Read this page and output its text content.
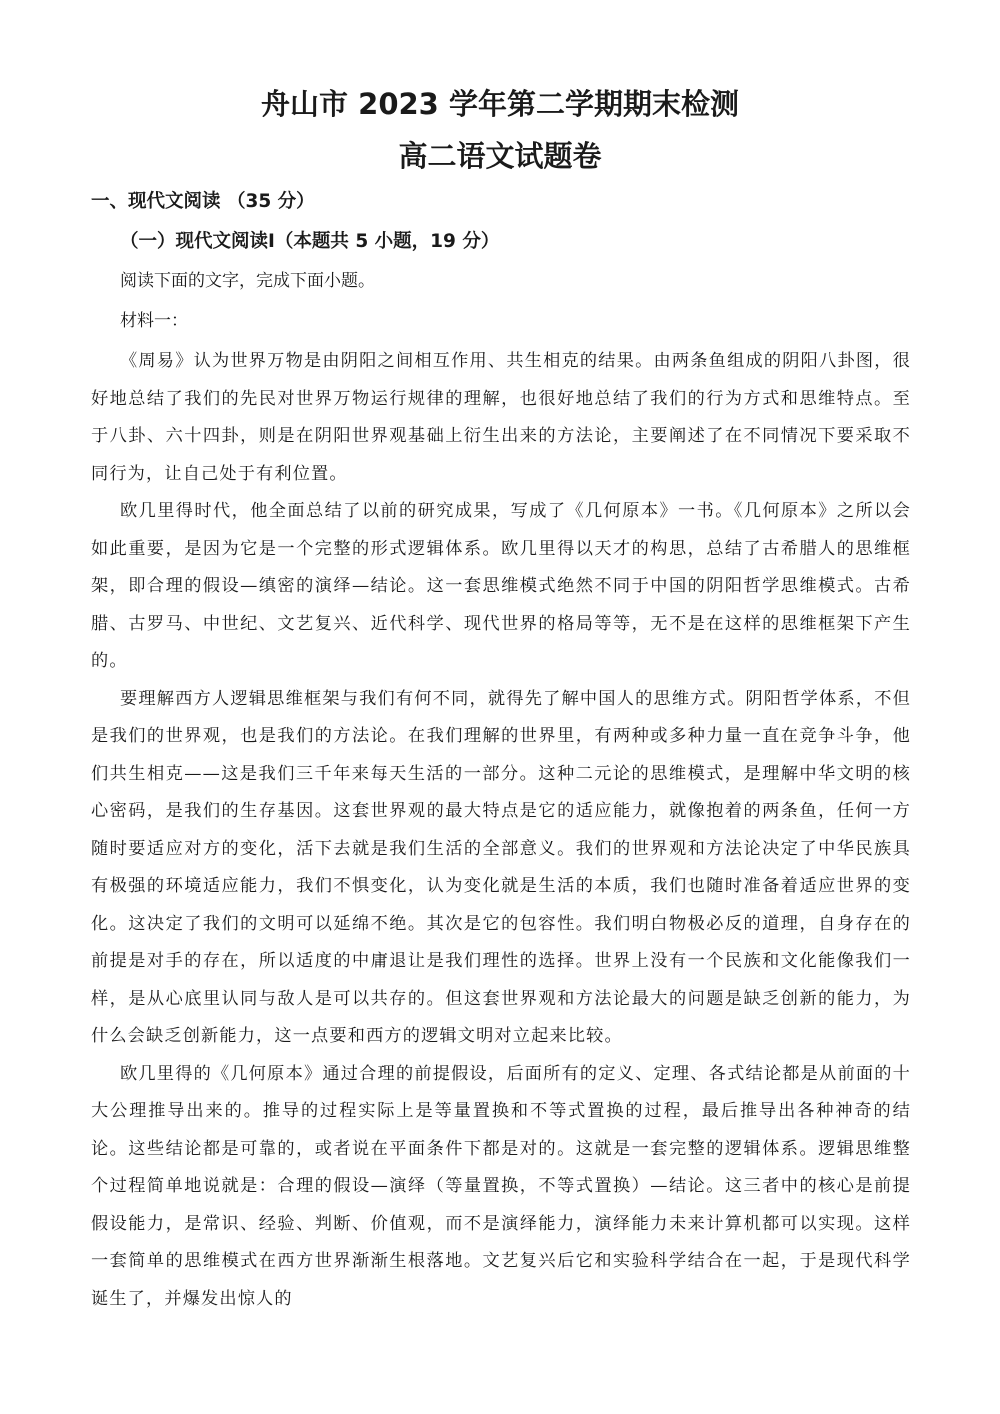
舟山市 2023 学年第二学期期末检测
高二语文试题卷
一、现代文阅读 （35 分）
（一）现代文阅读Ⅰ（本题共 5 小题，19 分）

阅读下面的文字，完成下面小题。

材料一：

《周易》认为世界万物是由阴阳之间相互作用、共生相克的结果。由两条鱼组成的阴阳八卦图，很好地总结了我们的先民对世界万物运行规律的理解，也很好地总结了我们的行为方式和思维特点。至于八卦、六十四卦，则是在阴阳世界观基础上衍生出来的方法论，主要阐述了在不同情况下要采取不同行为，让自己处于有利位置。

欧几里得时代，他全面总结了以前的研究成果，写成了《几何原本》一书。《几何原本》之所以会如此重要，是因为它是一个完整的形式逻辑体系。欧几里得以天才的构思，总结了古希腊人的思维框架，即合理的假设—缜密的演绎—结论。这一套思维模式绝然不同于中国的阴阳哲学思维模式。古希腊、古罗马、中世纪、文艺复兴、近代科学、现代世界的格局等等，无不是在这样的思维框架下产生的。

要理解西方人逻辑思维框架与我们有何不同，就得先了解中国人的思维方式。阴阳哲学体系，不但是我们的世界观，也是我们的方法论。在我们理解的世界里，有两种或多种力量一直在竞争斗争，他们共生相克——这是我们三千年来每天生活的一部分。这种二元论的思维模式，是理解中华文明的核心密码，是我们的生存基因。这套世界观的最大特点是它的适应能力，就像抱着的两条鱼，任何一方随时要适应对方的变化，活下去就是我们生活的全部意义。我们的世界观和方法论决定了中华民族具有极强的环境适应能力，我们不惧变化，认为变化就是生活的本质，我们也随时准备着适应世界的变化。这决定了我们的文明可以延绵不绝。其次是它的包容性。我们明白物极必反的道理，自身存在的前提是对手的存在，所以适度的中庸退让是我们理性的选择。世界上没有一个民族和文化能像我们一样，是从心底里认同与敌人是可以共存的。但这套世界观和方法论最大的问题是缺乏创新的能力，为什么会缺乏创新能力，这一点要和西方的逻辑文明对立起来比较。

欧几里得的《几何原本》通过合理的前提假设，后面所有的定义、定理、各式结论都是从前面的十大公理推导出来的。推导的过程实际上是等量置换和不等式置换的过程，最后推导出各种神奇的结论。这些结论都是可靠的，或者说在平面条件下都是对的。这就是一套完整的逻辑体系。逻辑思维整个过程简单地说就是：合理的假设—演绎（等量置换，不等式置换）—结论。这三者中的核心是前提假设能力，是常识、经验、判断、价值观，而不是演绎能力，演绎能力未来计算机都可以实现。这样一套简单的思维模式在西方世界渐渐生根落地。文艺复兴后它和实验科学结合在一起，于是现代科学诞生了，并爆发出惊人的
